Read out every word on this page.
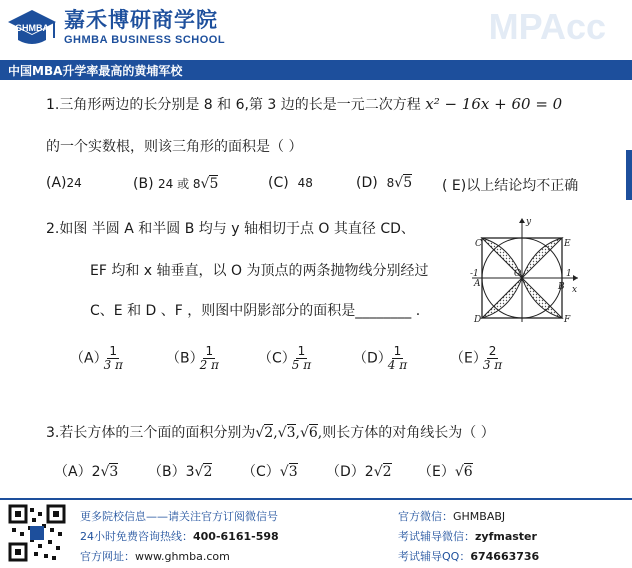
GHMBA 嘉禾博研商学院
GHMBA BUSINESS SCHOOL	MPAcc
中国MBA升学率最高的黄埔军校
1.三角形两边的长分别是 8 和 6,第 3 边的长是一元二次方程 x² − 16x + 60 = 0
的一个实数根，则该三角形的面积是（ ）
(A)24	(B) 24 或 8√5	(C) 48	(D) 8√5 ( E)以上结论均不正确
2.如图 半圆 A 和半圆 B 均与 y 轴相切于点 O 其直径 CD、
EF 均和 x 轴垂直，以 O 为顶点的两条抛物线分别经过
C、E 和 D 、F ，则图中阴影部分的面积是________ .
y
x
C	E
D	F
A	B
O	1
-1
（A）
$\frac{1}{3 \pi}$	（B）
$\frac{1}{2 \pi}$	（C）
$\frac{1}{5 \pi}$	（D）
$\frac{1}{4 \pi}$	（E）
$\frac{2}{3 \pi}$
3.若长方体的三个面的面积分别为√2,√3,√6,则长方体的对角线长为（ ）
（A）2√3 （B）3√2 （C）√3 （D）2√2 （E）√6
更多院校信息——请关注官方订阅微信号
24小时免费咨询热线：400-6161-598
官方网址：www.ghmba.com
官方微信：GHMBABJ
考试辅导微信：zyfmaster
考试辅导QQ：674663736
